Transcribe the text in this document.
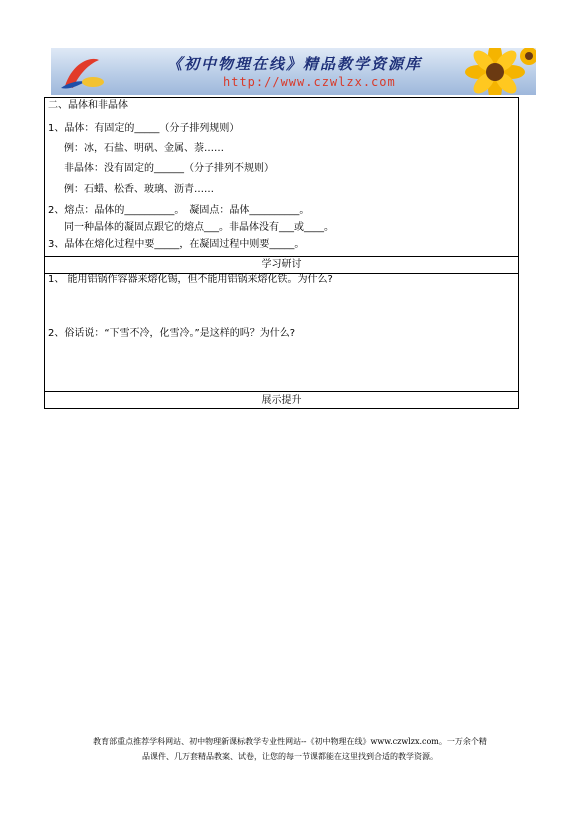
《初中物理在线》精品教学资源库
http://www.czwlzx.com
二、晶体和非晶体
1、晶体：有固定的_____（分子排列规则）
例：冰，石盐、明矾、金属、萘……
非晶体：没有固定的______（分子排列不规则）
例：石蜡、松香、玻璃、沥青……
2、熔点：晶体的__________。　凝固点：晶体__________。
同一种晶体的凝固点跟它的熔点___。非晶体没有___或____。
3、晶体在熔化过程中要_____，在凝固过程中则要_____。
学习研讨
1、 能用铝锅作容器来熔化锡，但不能用铝锅来熔化铁。为什么?
2、俗话说：“下雪不冷，化雪冷。”是这样的吗？为什么?
展示提升
教育部重点推荐学科网站、初中物理新课标教学专业性网站--《初中物理在线》www.czwlzx.com。一万余个精
品课件、几万套精品教案、试卷，让您的每一节课都能在这里找到合适的教学资源。
